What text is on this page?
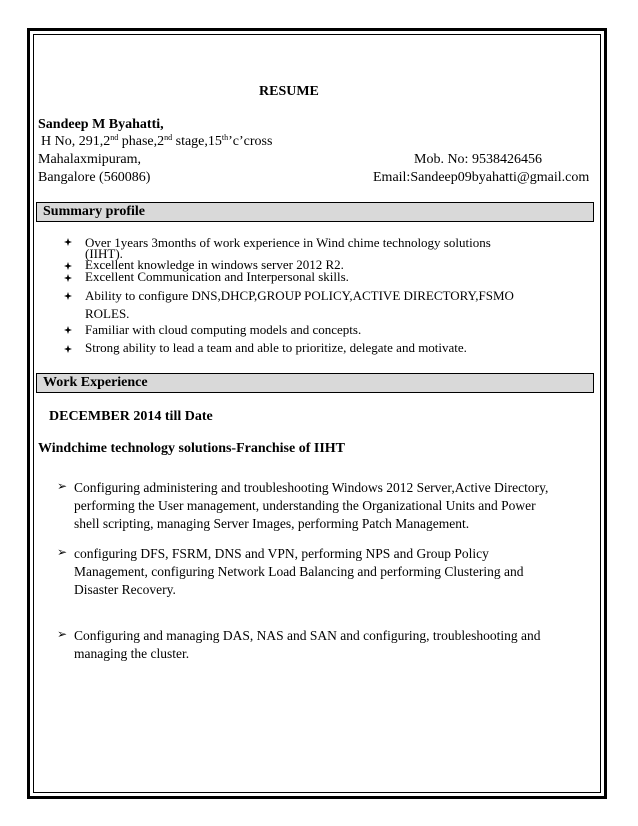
RESUME
Sandeep M Byahatti,
H No, 291,2nd phase,2nd stage,15th’c’cross
Mahalaxmipuram,
Bangalore (560086)
Mob. No: 9538426456
Email:Sandeep09byahatti@gmail.com
Summary profile
Over 1years 3months of work experience in Wind chime technology solutions
(IIHT).
Excellent knowledge in windows server 2012 R2.
Excellent Communication and Interpersonal skills.
Ability to configure DNS,DHCP,GROUP POLICY,ACTIVE DIRECTORY,FSMO
ROLES.
Familiar with cloud computing models and concepts.
Strong ability to lead a team and able to prioritize, delegate and motivate.
Work Experience
DECEMBER 2014 till Date
Windchime technology solutions-Franchise of IIHT
➢ Configuring administering and troubleshooting Windows 2012 Server,Active Directory,
performing the User management, understanding the Organizational Units and Power
shell scripting, managing Server Images, performing Patch Management.
➢ configuring DFS, FSRM, DNS and VPN, performing NPS and Group Policy
Management, configuring Network Load Balancing and performing Clustering and
Disaster Recovery.
➢ Configuring and managing DAS, NAS and SAN and configuring, troubleshooting and
managing the cluster.
